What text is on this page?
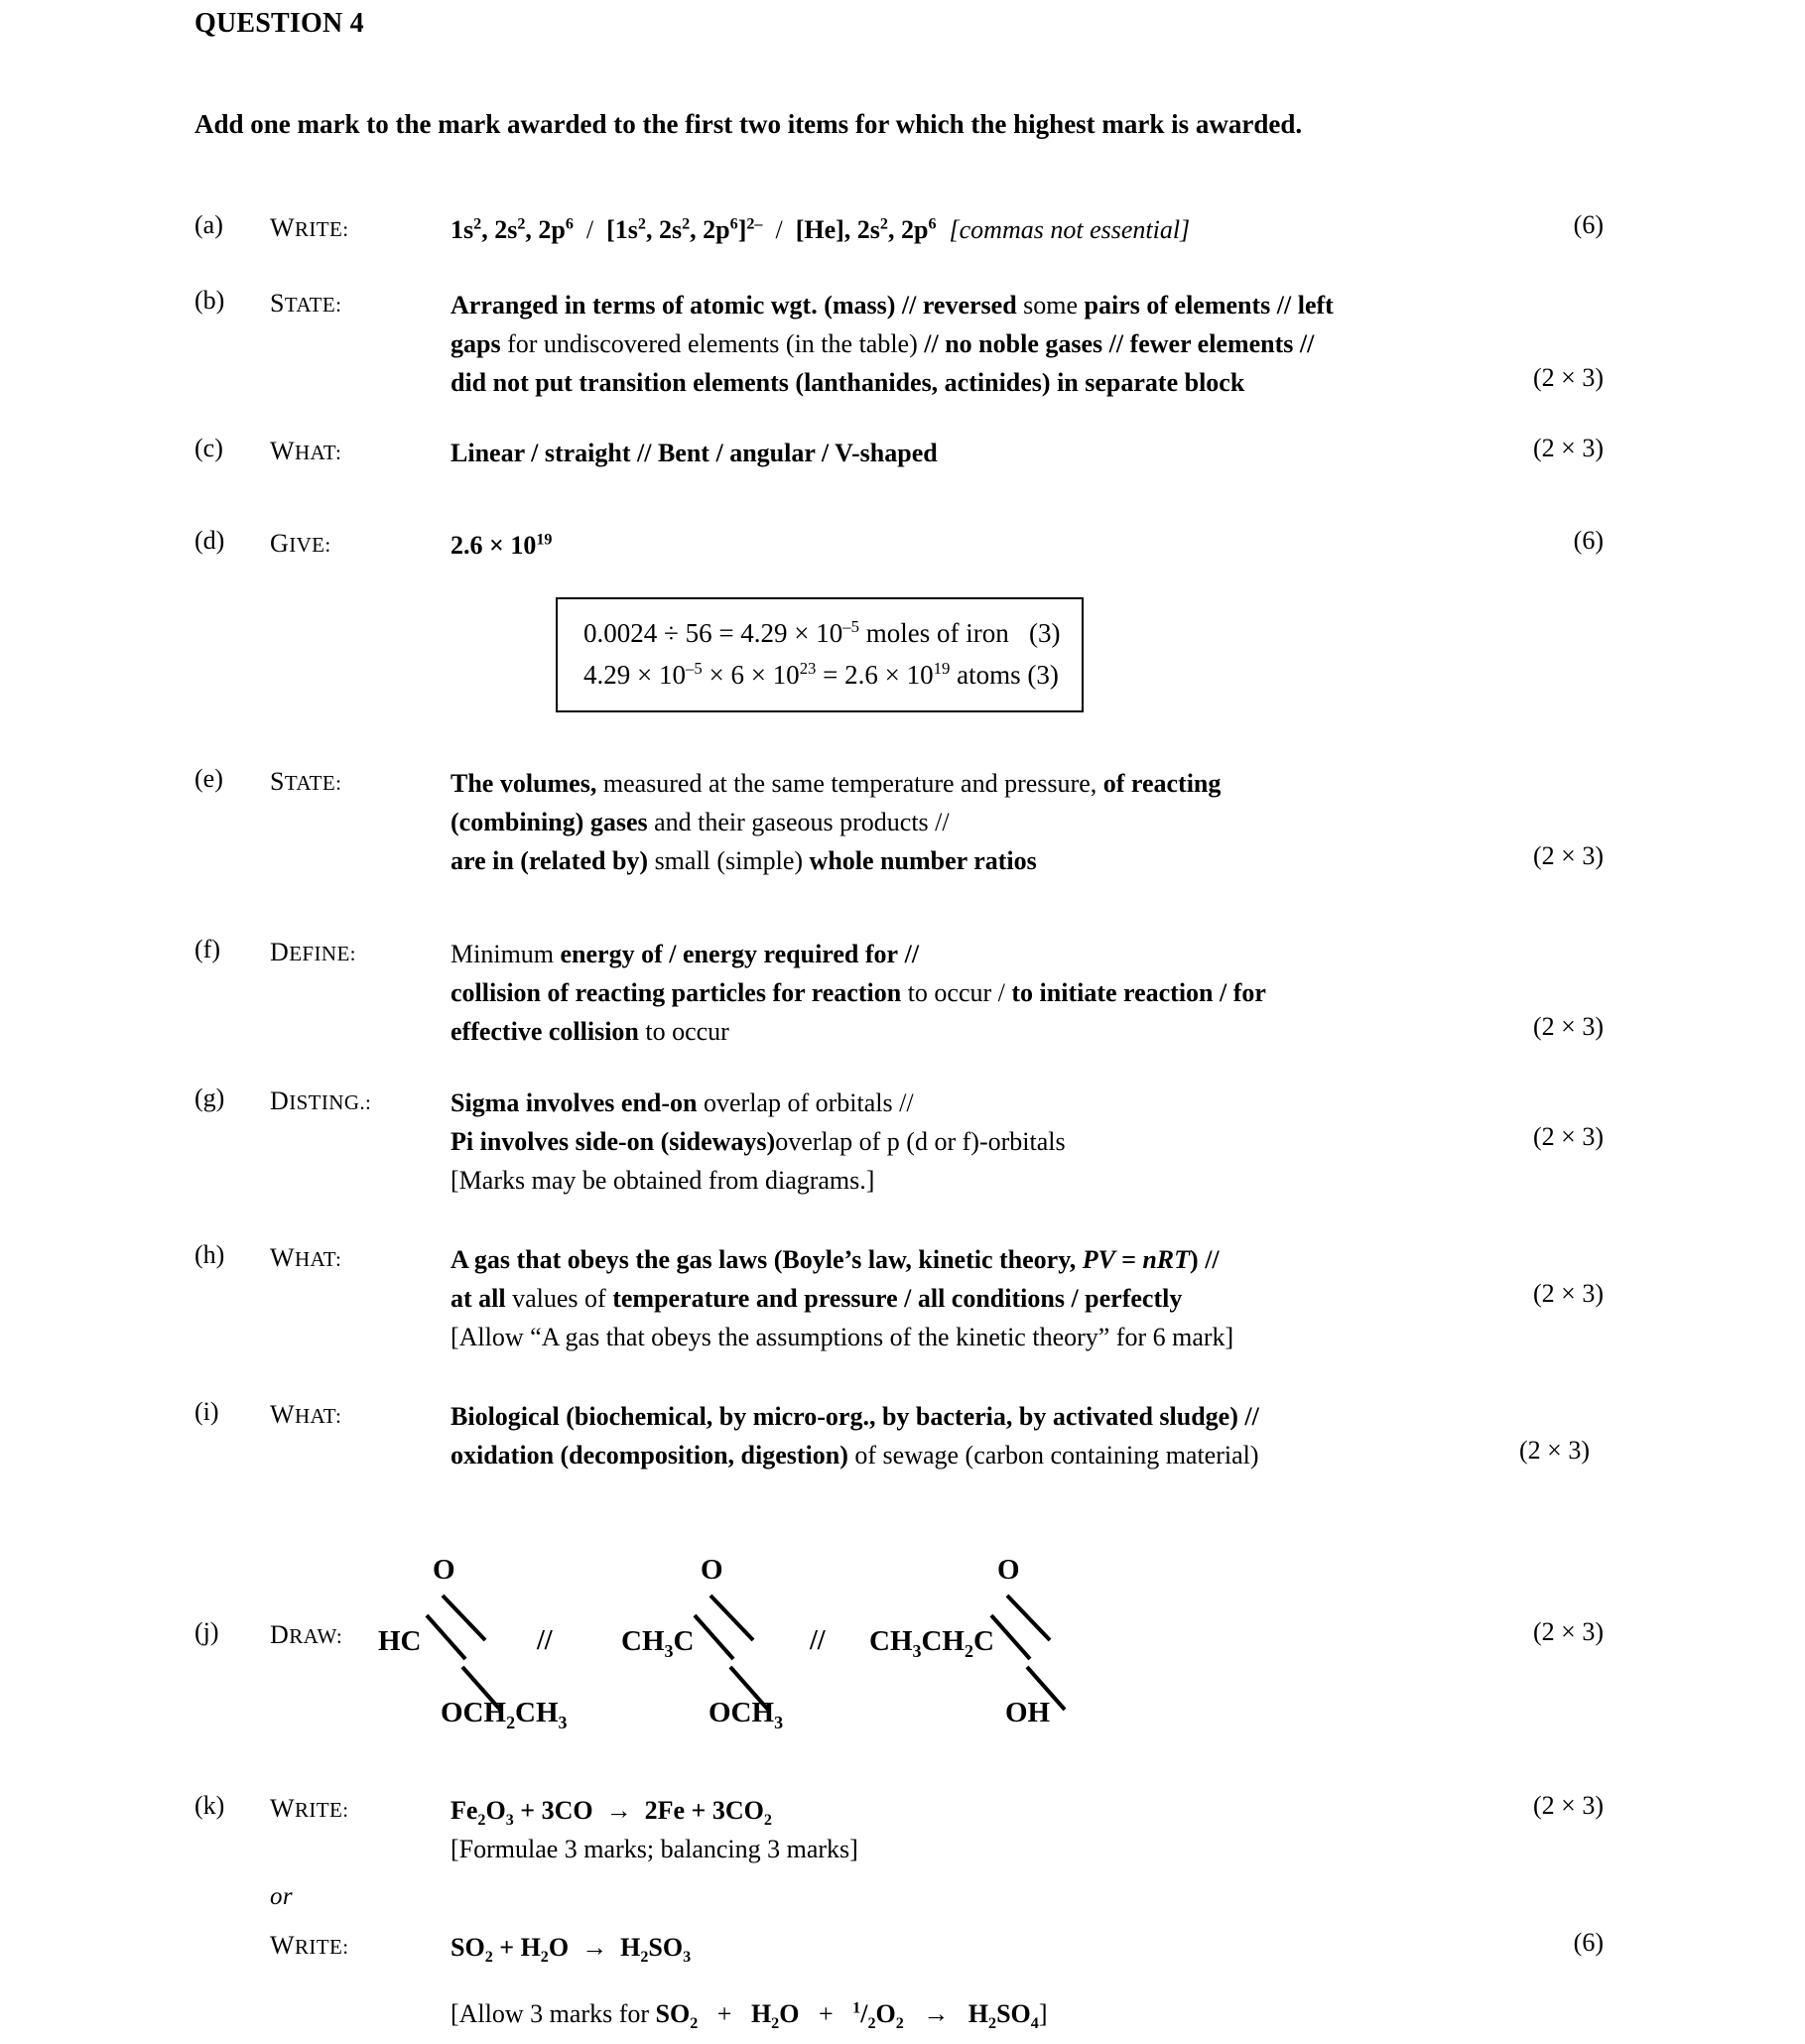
QUESTION 4
Add one mark to the mark awarded to the first two items for which the highest mark is awarded.
(a)	WRITE:	$1s^2$, $2s^2$, $2p^6 / [1s^2$, $2s^2$, $2p^6]^{2-} / [He]$, $2s^2$, $2p^6$ [commas not essential]	(6)
(b)	STATE:	Arranged in terms of atomic wgt. (mass) // reversed some pairs of elements // left
gaps for undiscovered elements (in the table) // no noble gases // fewer elements //
did not put transition elements (lanthanides, actinides) in separate block	(2 × 3)
(c)	WHAT:	Linear / straight // Bent / angular / V-shaped	(2 × 3)
(d)	GIVE:	$2.6 \times 10^{19}$	(6)
$0.0024 \div 56 = 4.29 \times 10^{-5}$ moles of iron   (3)
$4.29 \times 10^{-5} \times 6 \times 10^{23} = 2.6 \times 10^{19}$ atoms (3)
(e)	STATE:	The volumes, measured at the same temperature and pressure, of reacting
(combining) gases and their gaseous products //
are in (related by) small (simple) whole number ratios	(2 × 3)
(f)	DEFINE:	Minimum energy of / energy required for //
collision of reacting particles for reaction to occur / to initiate reaction / for
effective collision to occur	(2 × 3)
(g)	DISTING.:	Sigma involves end-on overlap of orbitals //
Pi involves side-on (sideways)overlap of p (d or f)-orbitals
[Marks may be obtained from diagrams.]
(2 × 3)
(h)	WHAT:	A gas that obeys the gas laws (Boyle’s law, kinetic theory, PV = nRT) //
at all values of temperature and pressure / all conditions / perfectly
[Allow “A gas that obeys the assumptions of the kinetic theory” for 6 mark]
(2 × 3)
(i)	WHAT:	Biological (biochemical, by micro-org., by bacteria, by activated sludge) //
oxidation (decomposition, digestion) of sewage (carbon containing material)	(2 × 3)
(j)	DRAW:	(2 × 3)
HC
O
$OCH_2CH_3$
// $CH_3C$
O
$OCH_3$
// $CH_3CH_2C$
O
OH
(k)	WRITE:	$Fe_2O_3 + 3CO \to 2Fe + 3CO_2$
[Formulae 3 marks; balancing 3 marks]
(2 × 3)
or
WRITE:	$SO_2 + H_2O \to H_2SO_3$
(6)
[Allow 3 marks for $SO_2 + H_2O + ^1/_2O_2 \to H_2SO_4$]
